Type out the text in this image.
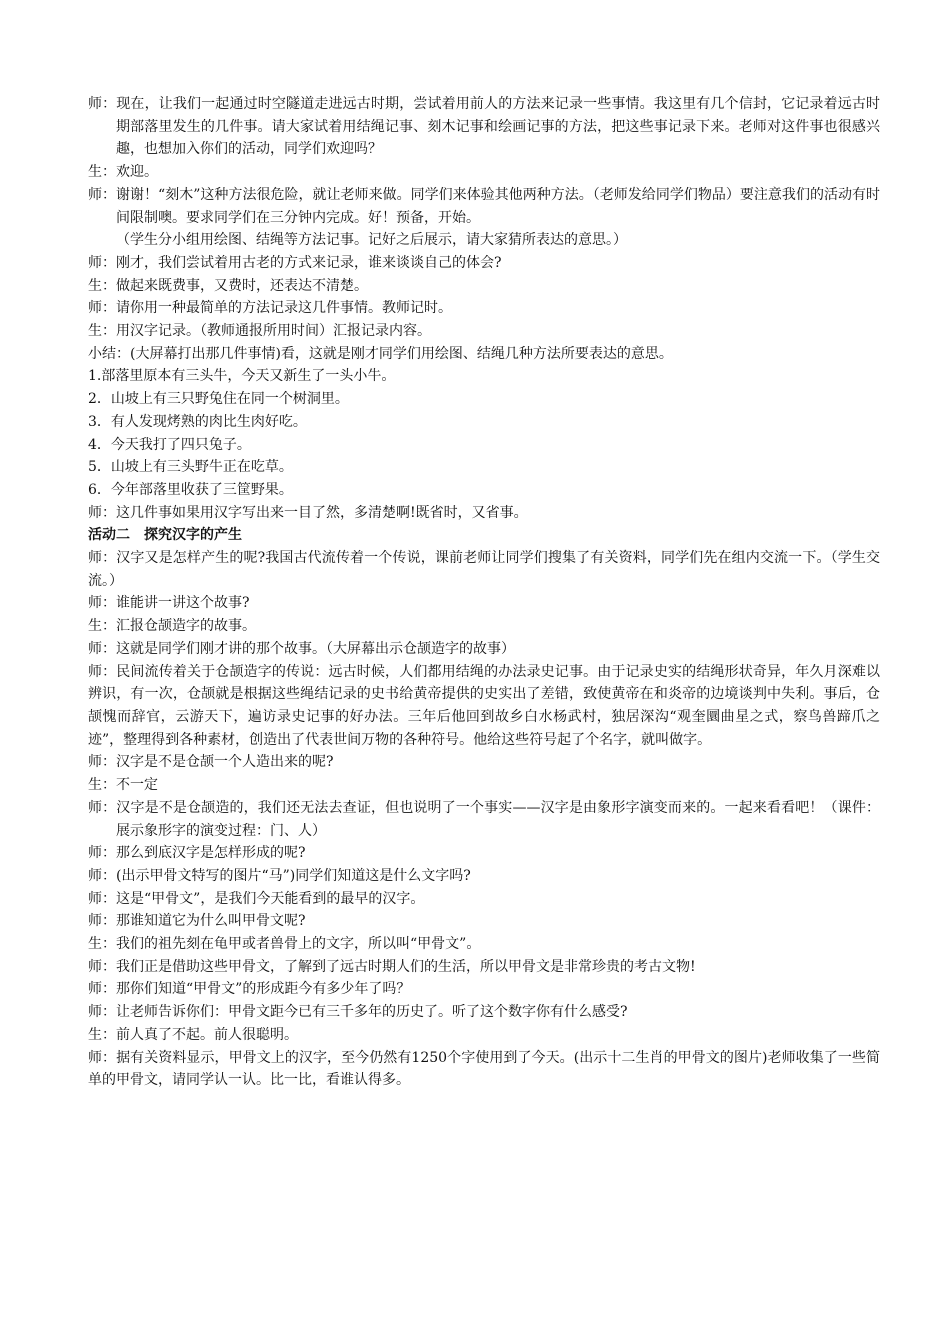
师：现在，让我们一起通过时空隧道走进远古时期，尝试着用前人的方法来记录一些事情。我这里有几个信封，它记录着远古时期部落里发生的几件事。请大家试着用结绳记事、刻木记事和绘画记事的方法，把这些事记录下来。老师对这件事也很感兴趣，也想加入你们的活动，同学们欢迎吗？

生：欢迎。

师：谢谢！“刻木”这种方法很危险，就让老师来做。同学们来体验其他两种方法。（老师发给同学们物品）要注意我们的活动有时间限制噢。要求同学们在三分钟内完成。好！预备，开始。

（学生分小组用绘图、结绳等方法记事。记好之后展示，请大家猜所表达的意思。）

师：刚才，我们尝试着用古老的方式来记录，谁来谈谈自己的体会?

生：做起来既费事，又费时，还表达不清楚。

师：请你用一种最简单的方法记录这几件事情。教师记时。

生：用汉字记录。（教师通报所用时间）汇报记录内容。

小结：(大屏幕打出那几件事情)看，这就是刚才同学们用绘图、结绳几种方法所要表达的意思。

1.部落里原本有三头牛，今天又新生了一头小牛。

2．山坡上有三只野兔住在同一个树洞里。

3．有人发现烤熟的肉比生肉好吃。

4．今天我打了四只兔子。

5．山坡上有三头野牛正在吃草。

6．今年部落里收获了三筐野果。

师：这几件事如果用汉字写出来一目了然，多清楚啊!既省时，又省事。

活动二　探究汉字的产生

师：汉字又是怎样产生的呢?我国古代流传着一个传说，课前老师让同学们搜集了有关资料，同学们先在组内交流一下。（学生交流。）

师：谁能讲一讲这个故事?

生：汇报仓颉造字的故事。

师：这就是同学们刚才讲的那个故事。（大屏幕出示仓颉造字的故事）

师：民间流传着关于仓颉造字的传说：远古时候，人们都用结绳的办法录史记事。由于记录史实的结绳形状奇异，年久月深难以辨识，有一次，仓颉就是根据这些绳结记录的史书给黄帝提供的史实出了差错，致使黄帝在和炎帝的边境谈判中失利。事后，仓颉愧而辞官，云游天下，遍访录史记事的好办法。三年后他回到故乡白水杨武村，独居深沟“观奎圜曲星之式，察鸟兽蹄爪之迹”，整理得到各种素材，创造出了代表世间万物的各种符号。他给这些符号起了个名字，就叫做字。

师：汉字是不是仓颉一个人造出来的呢?

生：不一定

师：汉字是不是仓颉造的，我们还无法去查证，但也说明了一个事实——汉字是由象形字演变而来的。一起来看看吧！（课件：展示象形字的演变过程：门、人）

师：那么到底汉字是怎样形成的呢?

师：(出示甲骨文特写的图片“马”)同学们知道这是什么文字吗?

师：这是“甲骨文”，是我们今天能看到的最早的汉字。

师：那谁知道它为什么叫甲骨文呢?

生：我们的祖先刻在龟甲或者兽骨上的文字，所以叫“甲骨文”。

师：我们正是借助这些甲骨文，了解到了远古时期人们的生活，所以甲骨文是非常珍贵的考古文物!

师：那你们知道“甲骨文”的形成距今有多少年了吗？

师：让老师告诉你们：甲骨文距今已有三千多年的历史了。听了这个数字你有什么感受?

生：前人真了不起。前人很聪明。

师：据有关资料显示，甲骨文上的汉字，至今仍然有1250个字使用到了今天。(出示十二生肖的甲骨文的图片)老师收集了一些简单的甲骨文，请同学认一认。比一比，看谁认得多。
